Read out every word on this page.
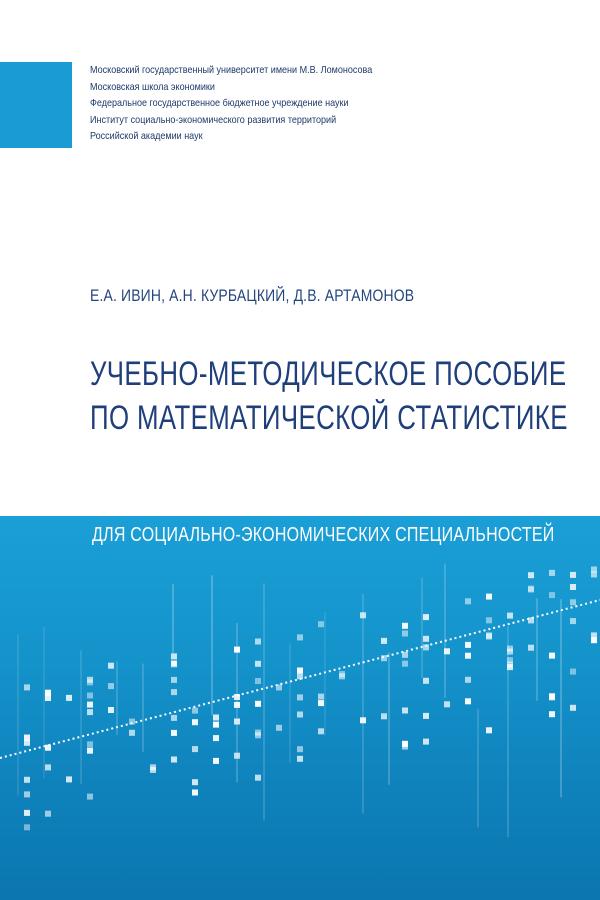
Московский государственный университет имени М.В. Ломоносова
Московская школа экономики
Федеральное государственное бюджетное учреждение науки
Институт социально-экономического развития территорий
Российской академии наук
Е.А. ИВИН, А.Н. КУРБАЦКИЙ, Д.В. АРТАМОНОВ
УЧЕБНО-МЕТОДИЧЕСКОЕ ПОСОБИЕ
ПО МАТЕМАТИЧЕСКОЙ СТАТИСТИКЕ
ДЛЯ СОЦИАЛЬНО-ЭКОНОМИЧЕСКИХ СПЕЦИАЛЬНОСТЕЙ
